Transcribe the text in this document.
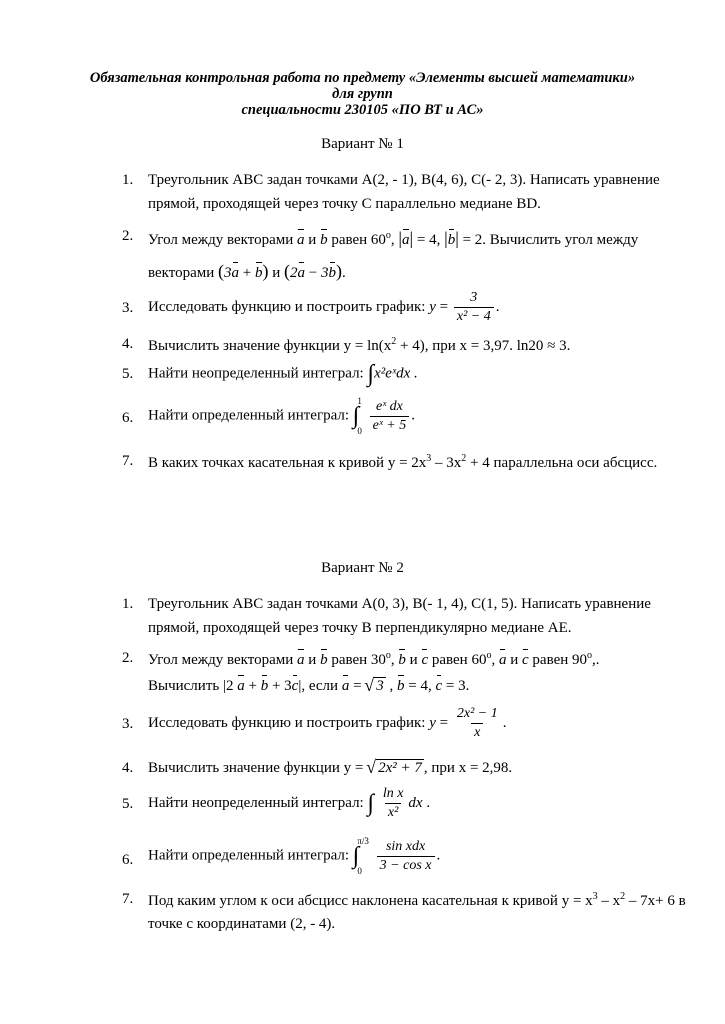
Обязательная контрольная работа по предмету «Элементы высшей математики»
для групп
специальности 230105 «ПО ВТ и АС»
Вариант № 1
1. Треугольник ABC задан точками A(2, - 1), B(4, 6), C(- 2, 3). Написать уравнение
прямой, проходящей через точку C параллельно медиане BD.
2. Угол между векторами a и b равен 60$^o$, |a| = 4, |b| = 2. Вычислить угол между
векторами (3a + b) и (2a − 3b).
3. Исследовать функцию и построить график: $y = \frac{3}{\text{x² − 4}}$ .
4. Вычислить значение функции $у = \ln(x^2 + 4)$, при х = 3,97. ln20 ≈ 3.
5. Найти неопределенный интеграл: ∫x²eˣdx .
6. Найти определенный интеграл: ∫
1
0
$\frac{\text{eˣ dx}}{\text{eˣ + 5}}$ .
7. В каких точках касательная к кривой $у = 2х^3 - 3х^2 + 4$ параллельна оси абсцисс.
Вариант № 2
1. Треугольник ABC задан точками A(0, 3), B(- 1, 4), C(1, 5). Написать уравнение
прямой, проходящей через точку B перпендикулярно медиане AE.
2. Угол между векторами a и b равен 30$^o$, b и c равен 60$^o$, a и c равен 90$^o$,.
Вычислить |2 a + b + 3c|, если a = √ 3 , b = 4, c = 3.
3. Исследовать функцию и построить график: $y = \frac{\text{2x² − 1}}{x}$ .
4. Вычислить значение функции у = √ 2x² + 7 , при х = 2,98.
5. Найти неопределенный интеграл: ∫ $\frac{\text{ln x}}{\text{x²}}$ dx .
6. Найти определенный интеграл: ∫
π/3
0
	$\frac{\text{sin xdx}}{\text{3 − cos x}}$ .
7. Под каким углом к оси абсцисс наклонена касательная к кривой $у = х^3 - х^2 - 7х+ 6$ в
точке с координатами (2, - 4).
